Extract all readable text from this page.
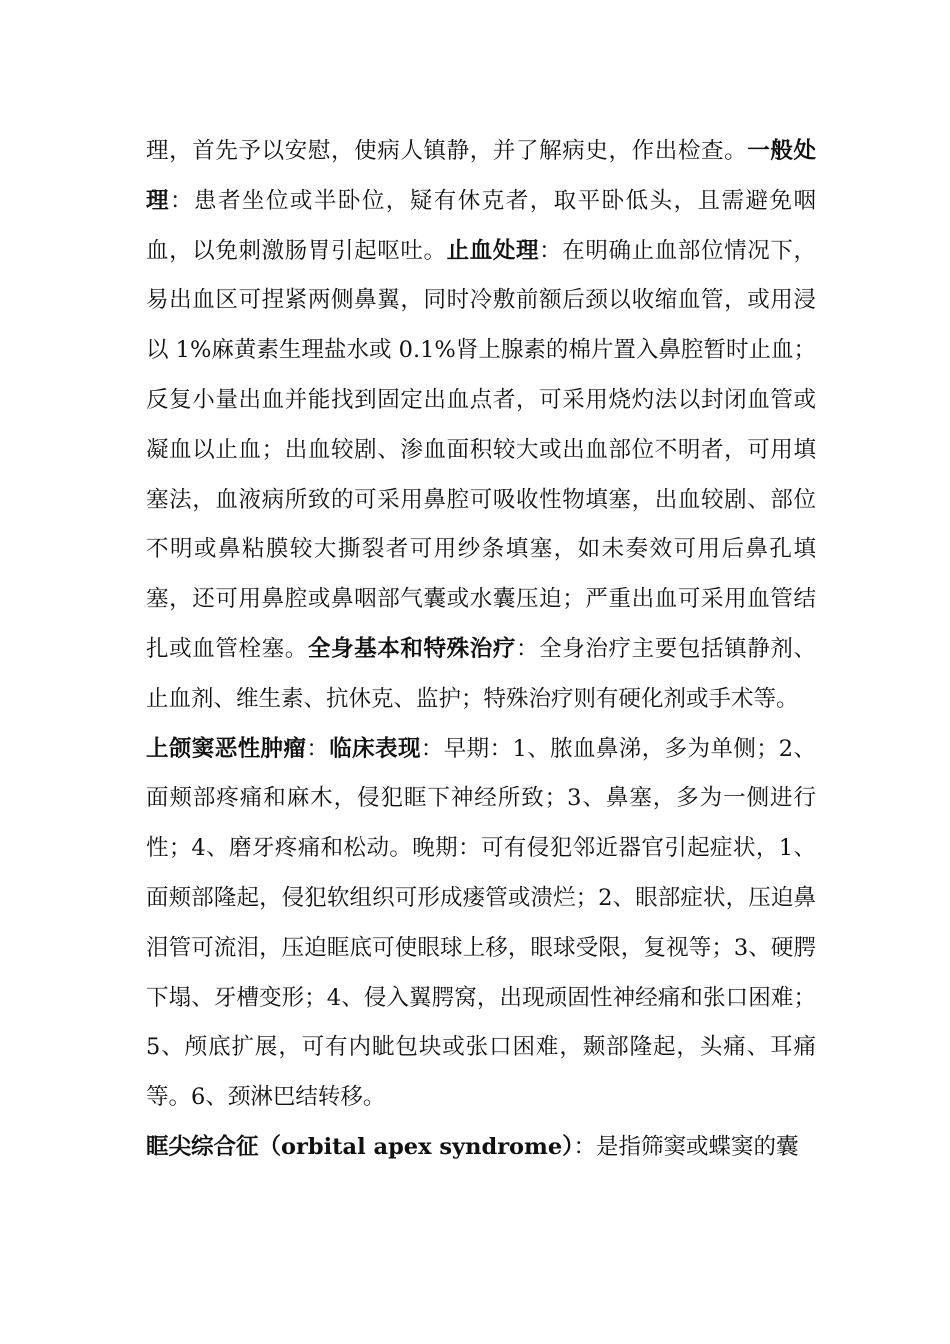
理，首先予以安慰，使病人镇静，并了解病史，作出检查。一般处理：患者坐位或半卧位，疑有休克者，取平卧低头，且需避免咽血，以免刺激肠胃引起呕吐。止血处理：在明确止血部位情况下，易出血区可捏紧两侧鼻翼，同时冷敷前额后颈以收缩血管，或用浸以 1%麻黄素生理盐水或 0.1%肾上腺素的棉片置入鼻腔暂时止血；反复小量出血并能找到固定出血点者，可采用烧灼法以封闭血管或凝血以止血；出血较剧、渗血面积较大或出血部位不明者，可用填塞法，血液病所致的可采用鼻腔可吸收性物填塞，出血较剧、部位不明或鼻粘膜较大撕裂者可用纱条填塞，如未奏效可用后鼻孔填塞，还可用鼻腔或鼻咽部气囊或水囊压迫；严重出血可采用血管结扎或血管栓塞。全身基本和特殊治疗：全身治疗主要包括镇静剂、止血剂、维生素、抗休克、监护；特殊治疗则有硬化剂或手术等。

上颌窦恶性肿瘤：临床表现：早期：1、脓血鼻涕，多为单侧；2、面颊部疼痛和麻木，侵犯眶下神经所致；3、鼻塞，多为一侧进行性；4、磨牙疼痛和松动。晚期：可有侵犯邻近器官引起症状，1、面颊部隆起，侵犯软组织可形成瘘管或溃烂；2、眼部症状，压迫鼻泪管可流泪，压迫眶底可使眼球上移，眼球受限，复视等；3、硬腭下塌、牙槽变形；4、侵入翼腭窝，出现顽固性神经痛和张口困难；5、颅底扩展，可有内眦包块或张口困难，颞部隆起，头痛、耳痛等。6、颈淋巴结转移。

眶尖综合征（orbital apex syndrome）：是指筛窦或蝶窦的囊
